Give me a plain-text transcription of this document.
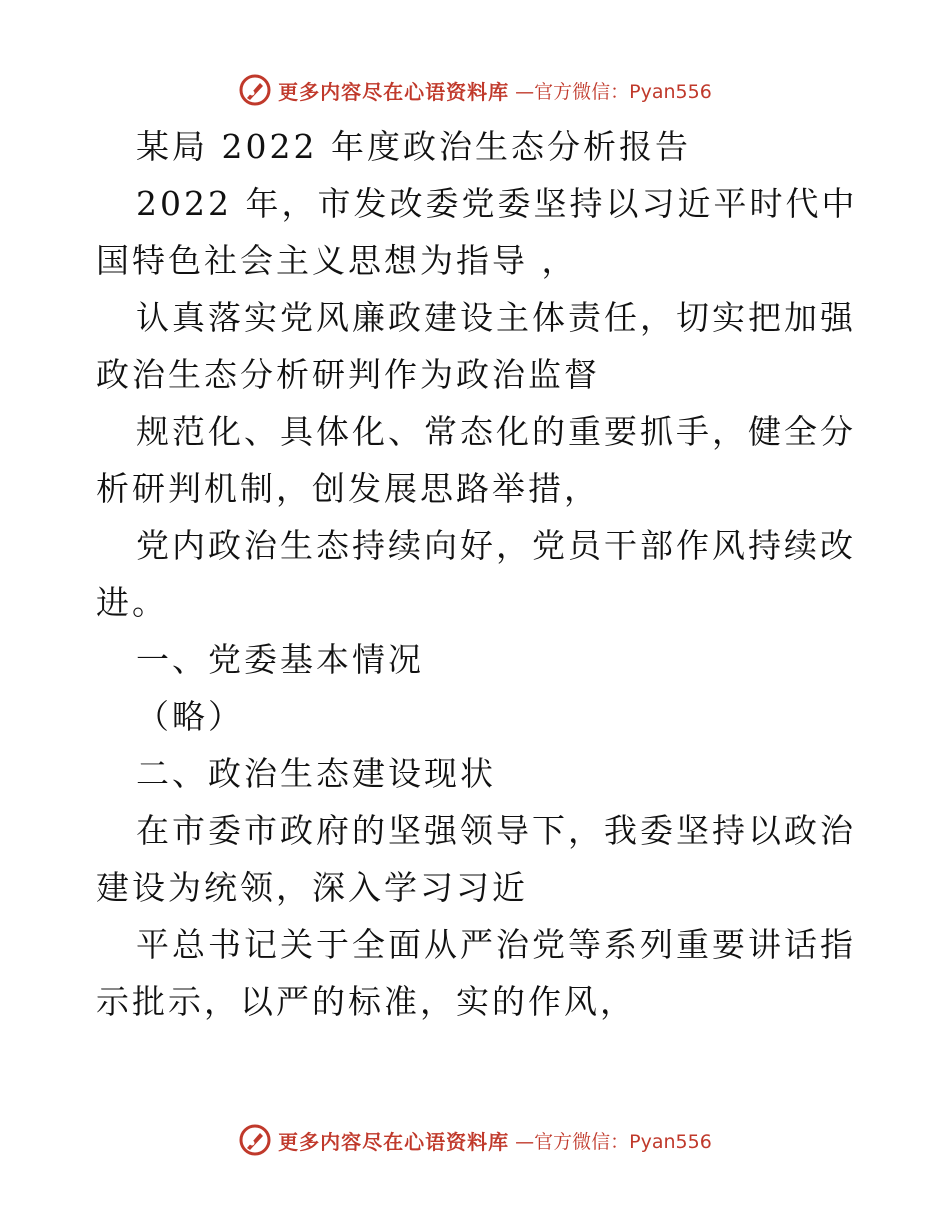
更多内容尽在心语资料库 —官方微信：Pyan556

某局 2022 年度政治生态分析报告

2022 年，市发改委党委坚持以习近平时代中国特色社会主义思想为指导 ，

认真落实党风廉政建设主体责任，切实把加强政治生态分析研判作为政治监督

规范化、具体化、常态化的重要抓手，健全分析研判机制，创发展思路举措，

党内政治生态持续向好，党员干部作风持续改进。

一、党委基本情况

（略）

二、政治生态建设现状

在市委市政府的坚强领导下，我委坚持以政治建设为统领，深入学习习近

平总书记关于全面从严治党等系列重要讲话指示批示，以严的标准，实的作风，

更多内容尽在心语资料库 —官方微信：Pyan556
